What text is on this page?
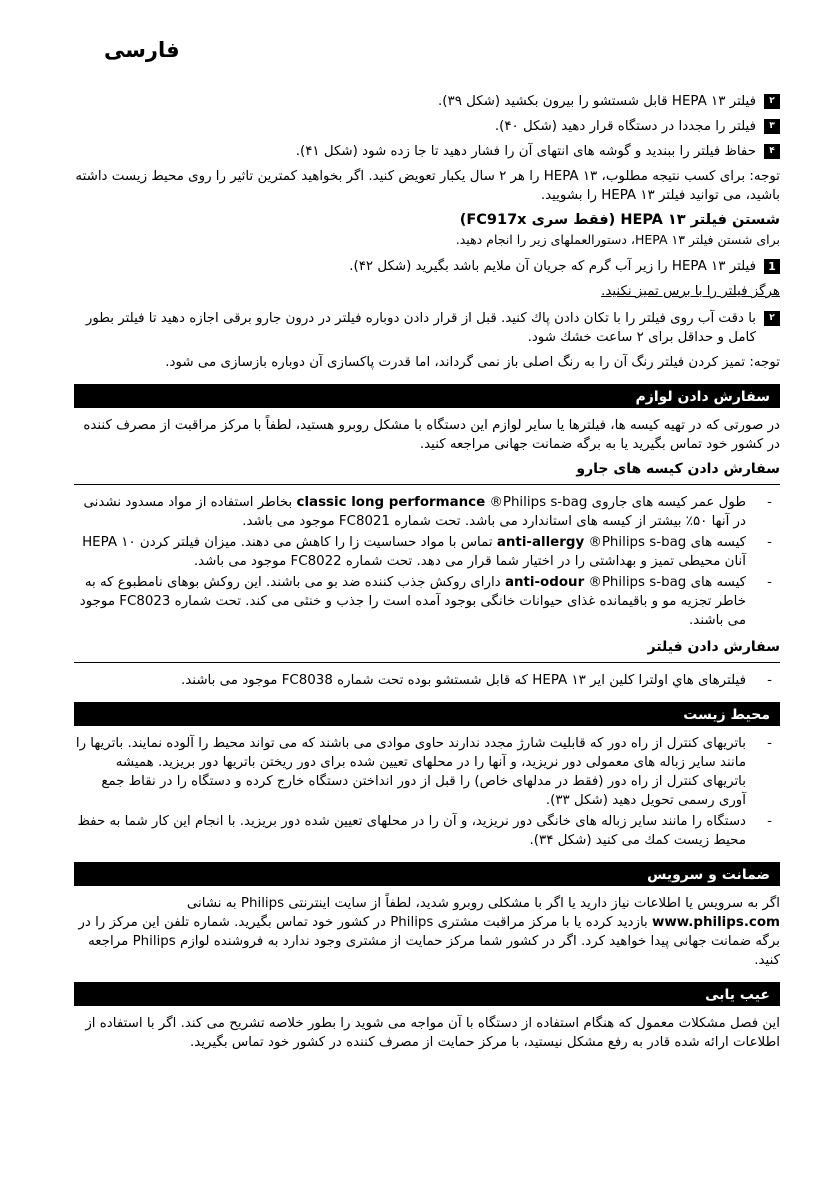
فارسی
۲
فیلتر HEPA ۱۳ قابل شستشو را بیرون بکشید (شکل ۳۹).
۳
فیلتر را مجددا در دستگاه قرار دهید (شکل ۴۰).
۴
حفاظ فیلتر را ببندید و گوشه های انتهای آن را فشار دهید تا جا زده شود (شکل ۴۱).

توجه: برای کسب نتیجه مطلوب، HEPA ۱۳ را هر ۲ سال یکبار تعویض کنید. اگر بخواهید کمترین تاثیر را روی محیط زیست داشته باشید، می توانید فیلتر HEPA ۱۳ را بشویید.

شستن فیلتر HEPA ۱۳ (فقط سری FC917x)

برای شستن فیلتر HEPA ۱۳، دستورالعملهای زیر را انجام دهید.

1
فیلتر HEPA ۱۳ را زیر آب گرم که جریان آن ملایم باشد بگیرید (شکل ۴۲).

هرگز فیلتر را با برس تمیز نکنید.

۲
با دقت آب روی فیلتر را با تکان دادن پاك كنيد. قبل از قرار دادن دوباره فیلتر در درون جارو برقی اجازه دهید تا فیلتر بطور کامل و حداقل برای ۲ ساعت خشك شود.

توجه: تمیز کردن فیلتر رنگ آن را به رنگ اصلی باز نمی گرداند، اما قدرت پاکسازی آن دوباره بازسازی می شود.

سفارش دادن لوازم

در صورتی که در تهیه کیسه ها، فیلترها یا سایر لوازم این دستگاه با مشکل روبرو هستید، لطفاً با مرکز مراقبت از مصرف کننده در کشور خود تماس بگیرید یا به برگه ضمانت جهانی مراجعه کنید.

سفارش دادن کیسه های جارو
- طول عمر کیسه های جاروی classic long performance ®Philips s-bag بخاطر استفاده از مواد مسدود نشدنی در آنها ۵۰٪ بیشتر از کیسه های استاندارد می باشد. تحت شماره FC8021 موجود می باشد.
- کیسه های anti-allergy ®Philips s-bag تماس با مواد حساسیت زا را کاهش می دهند. میزان فیلتر کردن HEPA ۱۰ آنان محیطی تمیز و بهداشتی را در اختیار شما قرار می دهد. تحت شماره FC8022 موجود می باشد.
- کیسه های anti-odour ®Philips s-bag دارای روکش جذب کننده ضد بو می باشند. این روکش بوهای نامطبوع که به خاطر تجزیه مو و باقیمانده غذای حیوانات خانگی بوجود آمده است را جذب و خنثی می کند. تحت شماره FC8023 موجود می باشند.
سفارش دادن فیلتر
- فیلترهای هاي اولترا کلین ایر HEPA ۱۳ که قابل شستشو بوده تحت شماره FC8038 موجود می باشند.
محیط زیست
- باتریهای کنترل از راه دور که قابلیت شارژ مجدد ندارند حاوی موادی می باشند که می تواند محیط را آلوده نمایند. باتریها را مانند سایر زباله های معمولی دور نریزید، و آنها را در محلهای تعیین شده برای دور ریختن باتریها دور بریزید. همیشه باتریهای کنترل از راه دور (فقط در مدلهای خاص) را قبل از دور انداختن دستگاه خارج کرده و دستگاه را در نقاط جمع آوری رسمی تحویل دهید (شکل ۳۳).
- دستگاه را مانند سایر زباله های خانگی دور نریزید، و آن را در محلهای تعیین شده دور بریزید. با انجام این کار شما به حفظ محیط زیست کمك می کنید (شکل ۳۴).
ضمانت و سرویس

اگر به سرویس یا اطلاعات نیاز دارید یا اگر با مشکلی روبرو شدید، لطفاً از سایت اینترنتی Philips به نشانی www.philips.com بازدید کرده یا با مرکز مراقبت مشتری Philips در کشور خود تماس بگیرید. شماره تلفن این مرکز را در برگه ضمانت جهانی پیدا خواهید کرد. اگر در کشور شما مرکز حمایت از مشتری وجود ندارد به فروشنده لوازم Philips مراجعه کنید.

عیب یابی

این فصل مشکلات معمول که هنگام استفاده از دستگاه با آن مواجه می شوید را بطور خلاصه تشریح می کند. اگر با استفاده از اطلاعات ارائه شده قادر به رفع مشکل نیستید، با مرکز حمایت از مصرف کننده در کشور خود تماس بگیرید.
